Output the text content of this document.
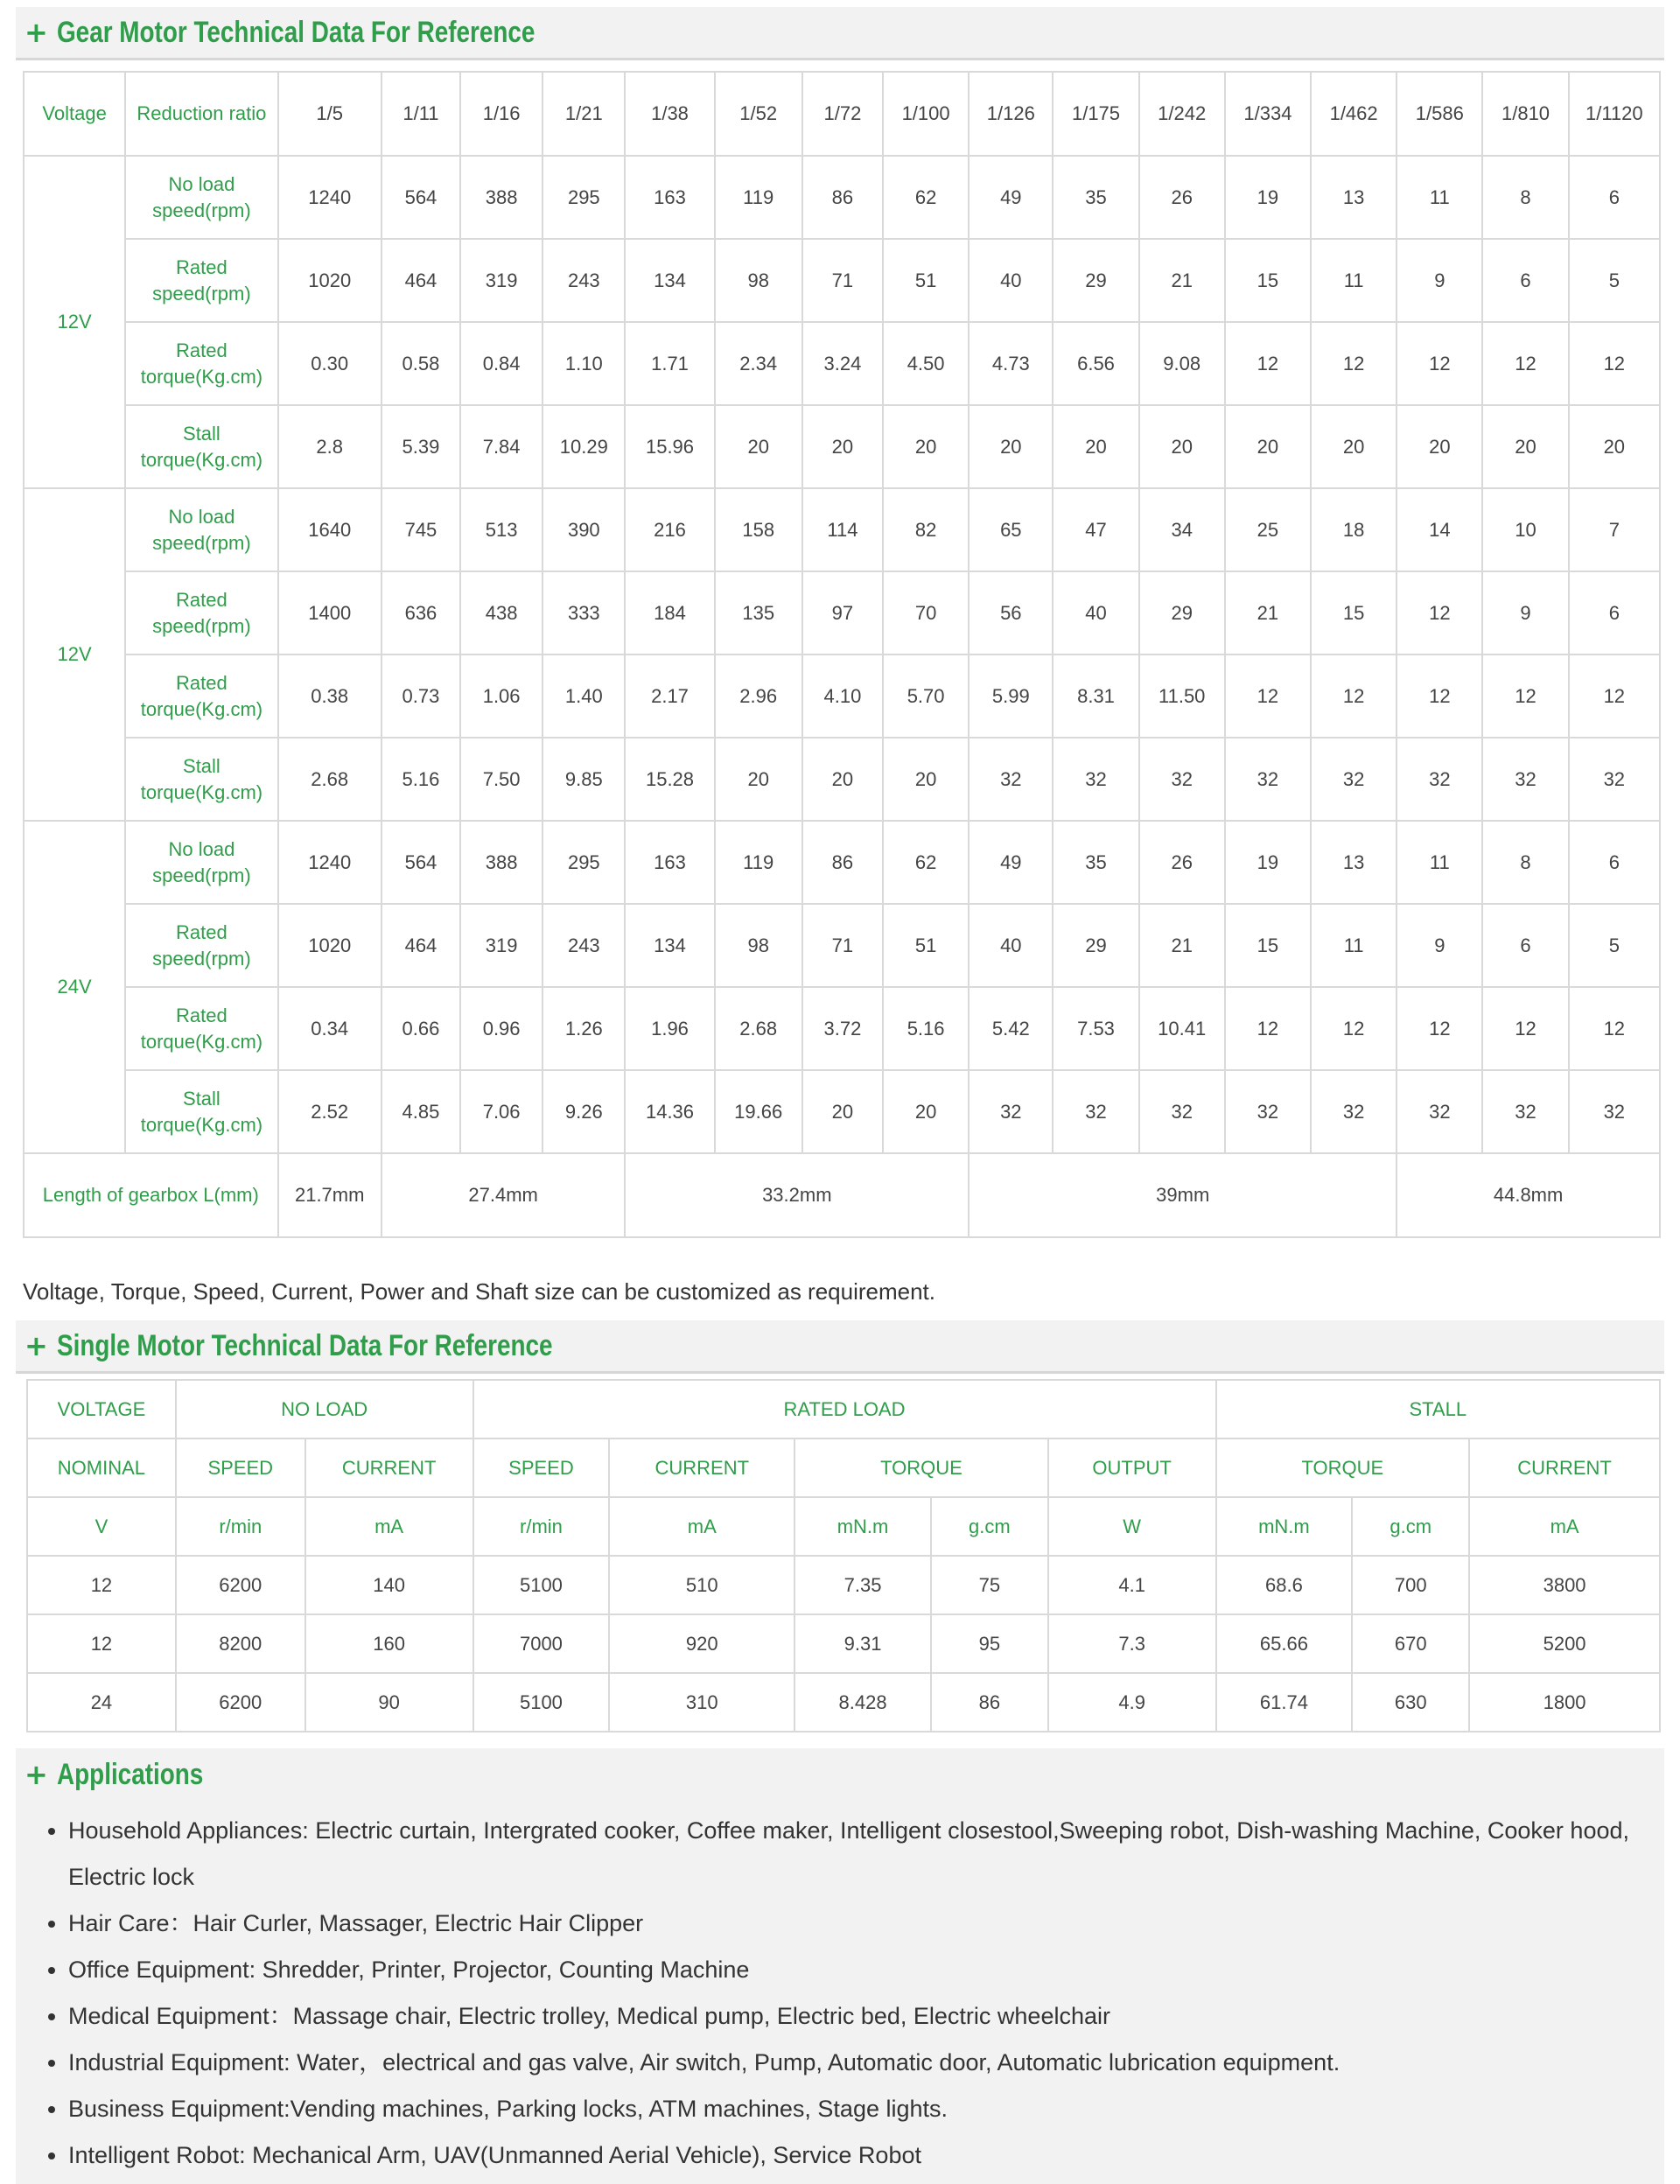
+ Gear Motor Technical Data For Reference
Voltage	Reduction ratio	1/5	1/11	1/16	1/21	1/38	1/52	1/72	1/100	1/126	1/175	1/242	1/334	1/462	1/586	1/810	1/1120
12V	No load speed(rpm)	1240	564	388	295	163	119	86	62	49	35	26	19	13	11	8	6
	Rated speed(rpm)	1020	464	319	243	134	98	71	51	40	29	21	15	11	9	6	5
	Rated torque(Kg.cm)	0.30	0.58	0.84	1.10	1.71	2.34	3.24	4.50	4.73	6.56	9.08	12	12	12	12	12
	Stall torque(Kg.cm)	2.8	5.39	7.84	10.29	15.96	20	20	20	20	20	20	20	20	20	20	20
12V	No load speed(rpm)	1640	745	513	390	216	158	114	82	65	47	34	25	18	14	10	7
	Rated speed(rpm)	1400	636	438	333	184	135	97	70	56	40	29	21	15	12	9	6
	Rated torque(Kg.cm)	0.38	0.73	1.06	1.40	2.17	2.96	4.10	5.70	5.99	8.31	11.50	12	12	12	12	12
	Stall torque(Kg.cm)	2.68	5.16	7.50	9.85	15.28	20	20	20	32	32	32	32	32	32	32	32
24V	No load speed(rpm)	1240	564	388	295	163	119	86	62	49	35	26	19	13	11	8	6
	Rated speed(rpm)	1020	464	319	243	134	98	71	51	40	29	21	15	11	9	6	5
	Rated torque(Kg.cm)	0.34	0.66	0.96	1.26	1.96	2.68	3.72	5.16	5.42	7.53	10.41	12	12	12	12	12
	Stall torque(Kg.cm)	2.52	4.85	7.06	9.26	14.36	19.66	20	20	32	32	32	32	32	32	32	32
Length of gearbox L(mm)		21.7mm	27.4mm			33.2mm				39mm					44.8mm		
Voltage, Torque, Speed, Current, Power and Shaft size can be customized as requirement.
+ Single Motor Technical Data For Reference
VOLTAGE	NO LOAD		RATED LOAD					STALL		
NOMINAL	SPEED	CURRENT	SPEED	CURRENT	TORQUE		OUTPUT	TORQUE		CURRENT
V	r/min	mA	r/min	mA	mN.m	g.cm	W	mN.m	g.cm	mA
12	6200	140	5100	510	7.35	75	4.1	68.6	700	3800
12	8200	160	7000	920	9.31	95	7.3	65.66	670	5200
24	6200	90	5100	310	8.428	86	4.9	61.74	630	1800
+ Applications
• Household Appliances: Electric curtain, Intergrated cooker, Coffee maker, Intelligent closestool,Sweeping robot, Dish-washing Machine, Cooker hood, Electric lock
• Hair Care：Hair Curler, Massager, Electric Hair Clipper
• Office Equipment: Shredder, Printer, Projector, Counting Machine
• Medical Equipment：Massage chair, Electric trolley, Medical pump, Electric bed, Electric wheelchair
• Industrial Equipment: Water，electrical and gas valve, Air switch, Pump, Automatic door, Automatic lubrication equipment.
• Business Equipment:Vending machines, Parking locks, ATM machines, Stage lights.
• Intelligent Robot: Mechanical Arm, UAV(Unmanned Aerial Vehicle), Service Robot
